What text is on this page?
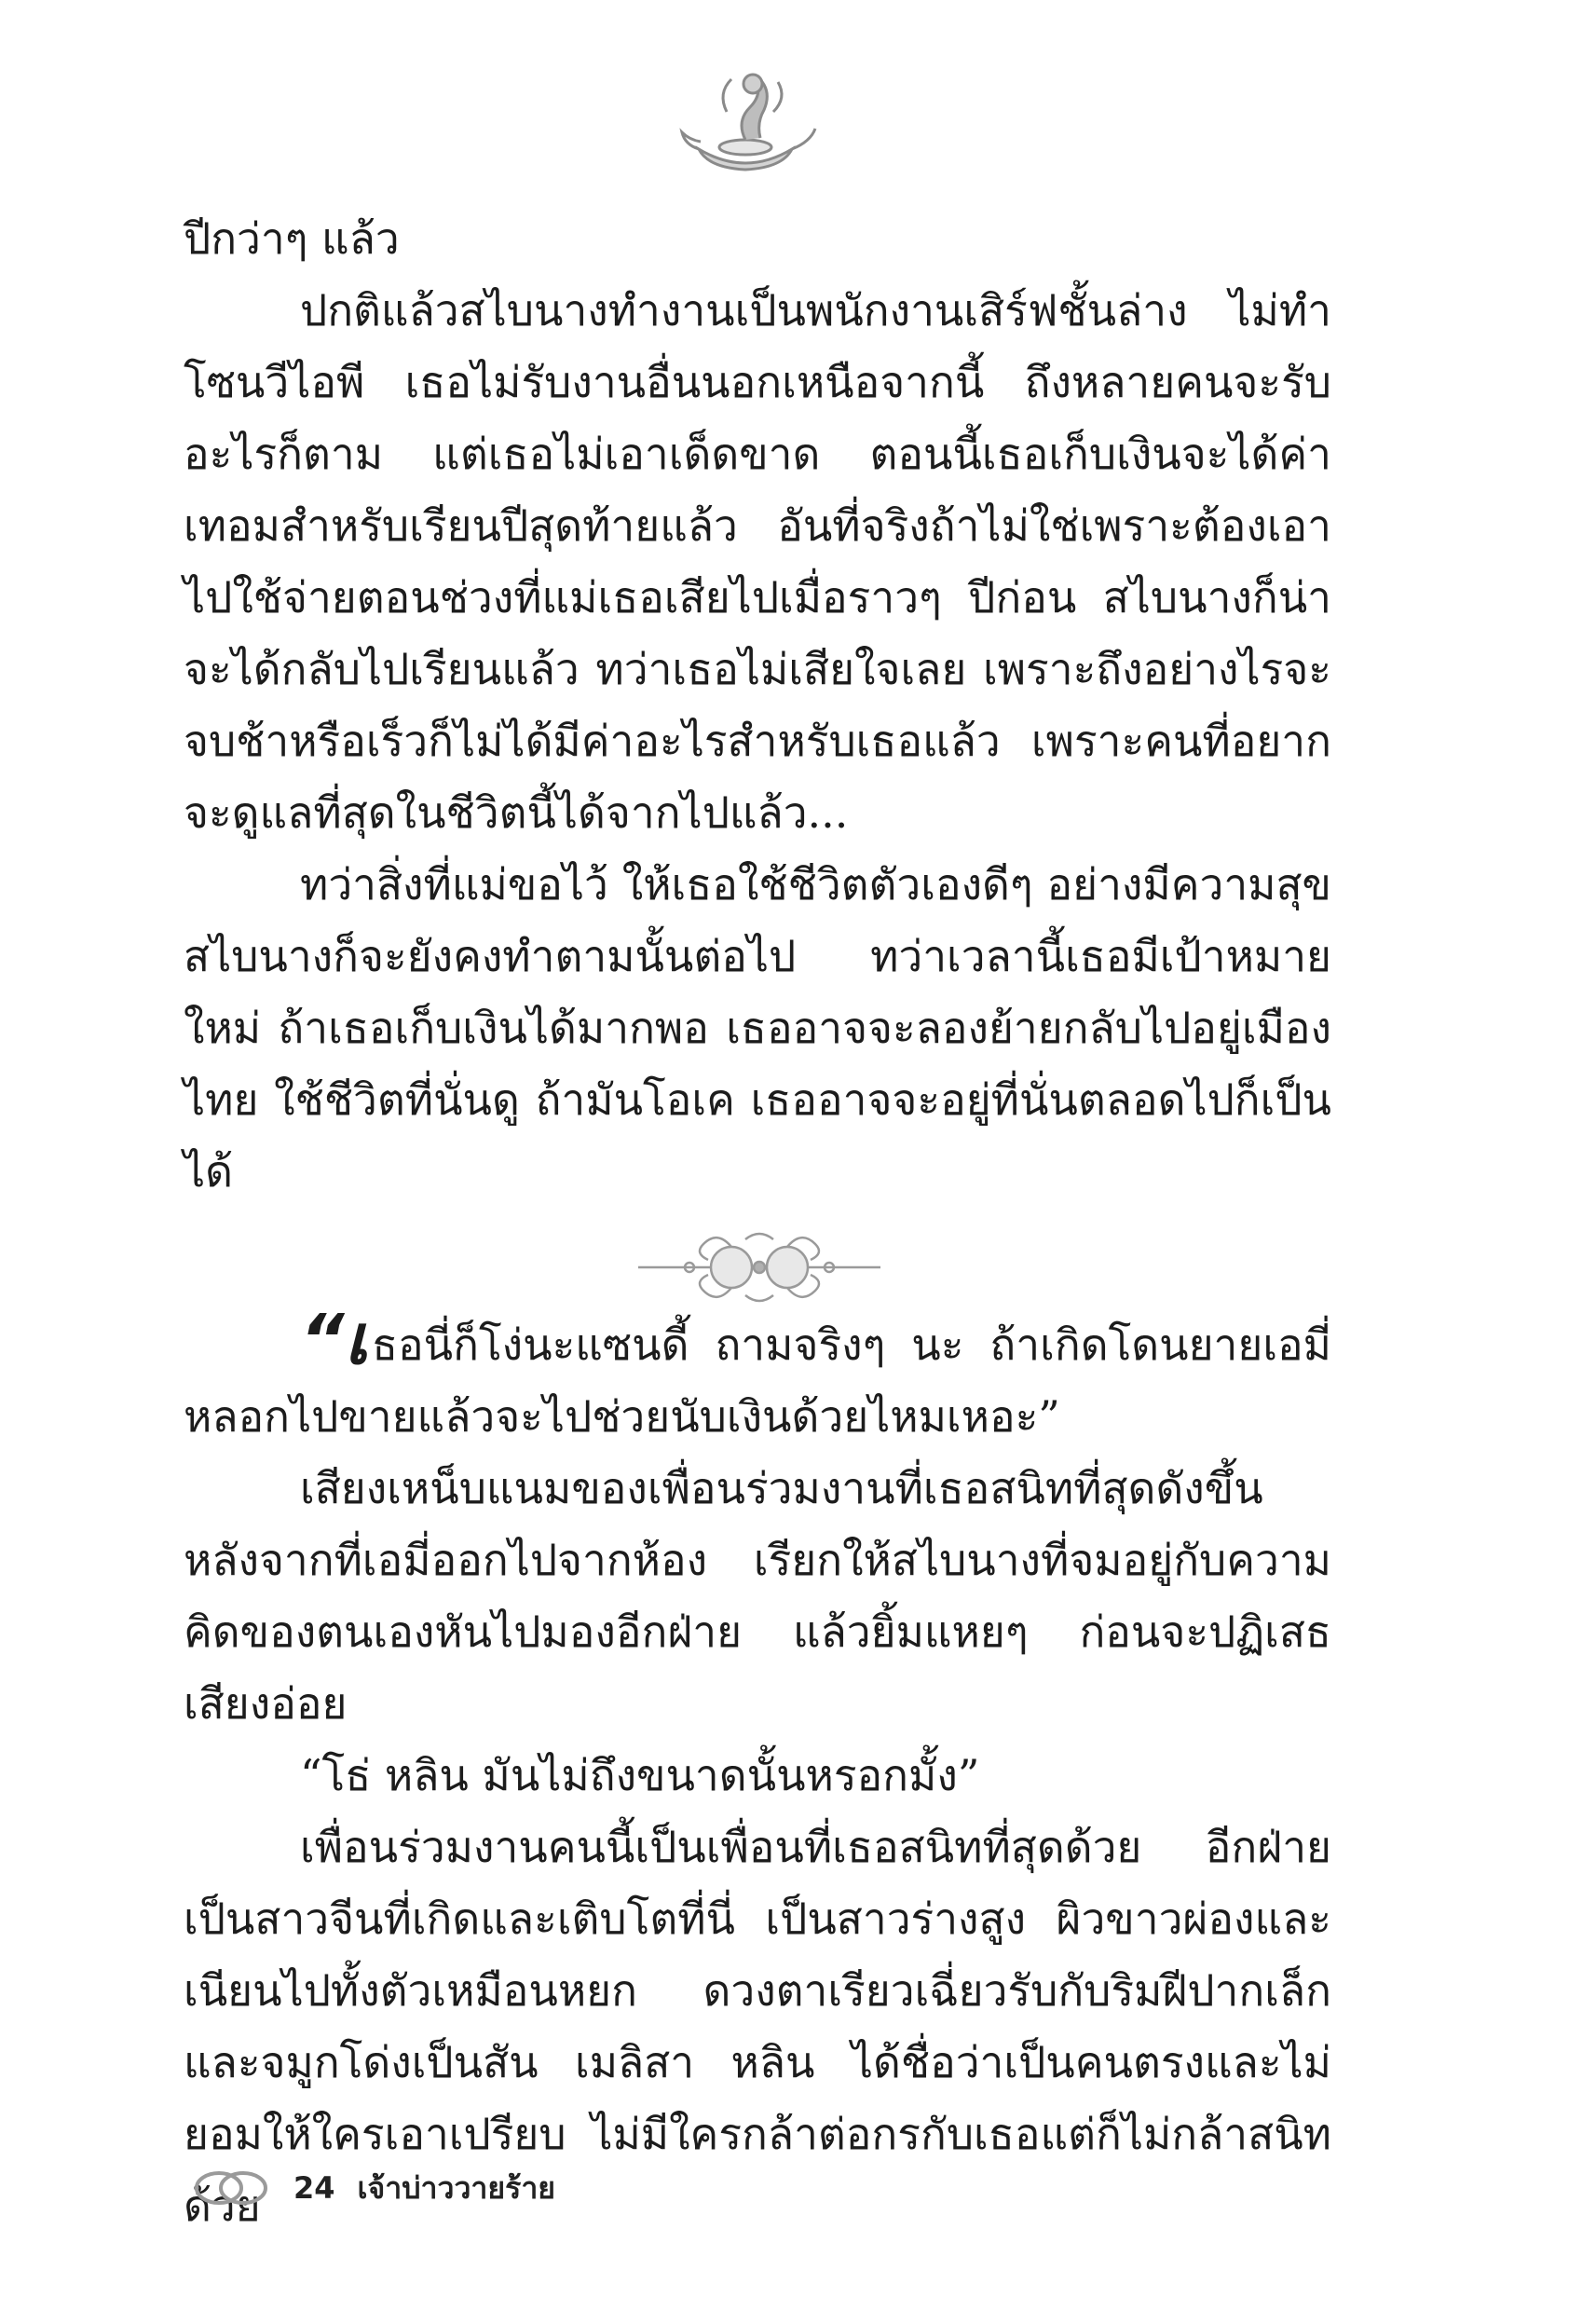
ปีกว่าๆ แล้ว

ปกติแล้วสไบนางทำงานเป็นพนักงานเสิร์ฟชั้นล่าง ไม่ทำโซนวีไอพี เธอไม่รับงานอื่นนอกเหนือจากนี้ ถึงหลายคนจะรับอะไรก็ตาม แต่เธอไม่เอาเด็ดขาด ตอนนี้เธอเก็บเงินจะได้ค่าเทอมสำหรับเรียนปีสุดท้ายแล้ว อันที่จริงถ้าไม่ใช่เพราะต้องเอาไปใช้จ่ายตอนช่วงที่แม่เธอเสียไปเมื่อราวๆ ปีก่อน สไบนางก็น่าจะได้กลับไปเรียนแล้ว ทว่าเธอไม่เสียใจเลย เพราะถึงอย่างไรจะจบช้าหรือเร็วก็ไม่ได้มีค่าอะไรสำหรับเธอแล้ว เพราะคนที่อยากจะดูแลที่สุดในชีวิตนี้ได้จากไปแล้ว...

ทว่าสิ่งที่แม่ขอไว้ ให้เธอใช้ชีวิตตัวเองดีๆ อย่างมีความสุข สไบนางก็จะยังคงทำตามนั้นต่อไป ทว่าเวลานี้เธอมีเป้าหมายใหม่ ถ้าเธอเก็บเงินได้มากพอ เธออาจจะลองย้ายกลับไปอยู่เมืองไทย ใช้ชีวิตที่นั่นดู ถ้ามันโอเค เธออาจจะอยู่ที่นั่นตลอดไปก็เป็นได้

“เธอนี่ก็โง่นะแซนดี้ ถามจริงๆ นะ ถ้าเกิดโดนยายเอมี่หลอกไปขายแล้วจะไปช่วยนับเงินด้วยไหมเหอะ”

เสียงเหน็บแนมของเพื่อนร่วมงานที่เธอสนิทที่สุดดังขึ้นหลังจากที่เอมี่ออกไปจากห้อง เรียกให้สไบนางที่จมอยู่กับความคิดของตนเองหันไปมองอีกฝ่าย แล้วยิ้มแหยๆ ก่อนจะปฏิเสธเสียงอ่อย

“โธ่ หลิน มันไม่ถึงขนาดนั้นหรอกมั้ง”

เพื่อนร่วมงานคนนี้เป็นเพื่อนที่เธอสนิทที่สุดด้วย อีกฝ่ายเป็นสาวจีนที่เกิดและเติบโตที่นี่ เป็นสาวร่างสูง ผิวขาวผ่องและเนียนไปทั้งตัวเหมือนหยก ดวงตาเรียวเฉี่ยวรับกับริมฝีปากเล็กและจมูกโด่งเป็นสัน เมลิสา หลิน ได้ชื่อว่าเป็นคนตรงและไม่ยอมให้ใครเอาเปรียบ ไม่มีใครกล้าต่อกรกับเธอแต่ก็ไม่กล้าสนิทด้วย	24 เจ้าบ่าววายร้าย
